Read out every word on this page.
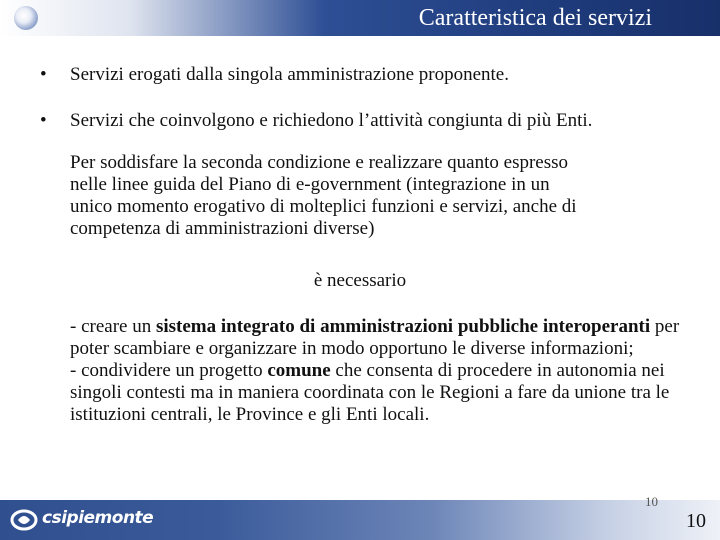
Caratteristica dei servizi
• Servizi erogati dalla singola amministrazione proponente.
• Servizi che coinvolgono e richiedono l’attività congiunta di più Enti.
Per soddisfare la seconda condizione e realizzare quanto espresso
nelle linee guida del Piano di e-government (integrazione in un
unico momento erogativo di molteplici funzioni e servizi, anche di
competenza di amministrazioni diverse)
è necessario

- creare un sistema integrato di amministrazioni pubbliche interoperanti per poter scambiare e organizzare in modo opportuno le diverse informazioni;

- condividere un progetto comune che consenta di procedere in autonomia nei singoli contesti ma in maniera coordinata con le Regioni a fare da unione tra le istituzioni centrali, le Province e gli Enti locali.

csipiemonte
10
10
